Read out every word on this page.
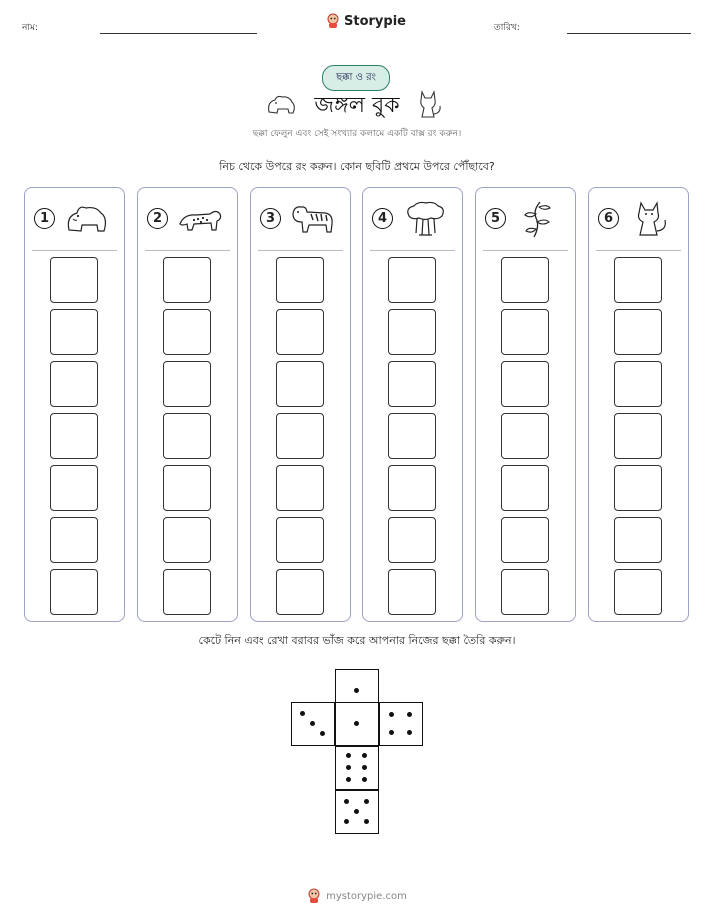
নাম:	Storypie	তারিখ:
ছক্কা ও রং
জঙ্গল বুক
ছক্কা ফেলুন এবং সেই সংখ্যার কলামে একটি বাক্স রং করুন।
নিচ থেকে উপরে রং করুন। কোন ছবিটি প্রথমে উপরে পৌঁছাবে?
1	2	3	4	5	6
কেটে নিন এবং রেখা বরাবর ভাঁজ করে আপনার নিজের ছক্কা তৈরি করুন।
mystorypie.com
